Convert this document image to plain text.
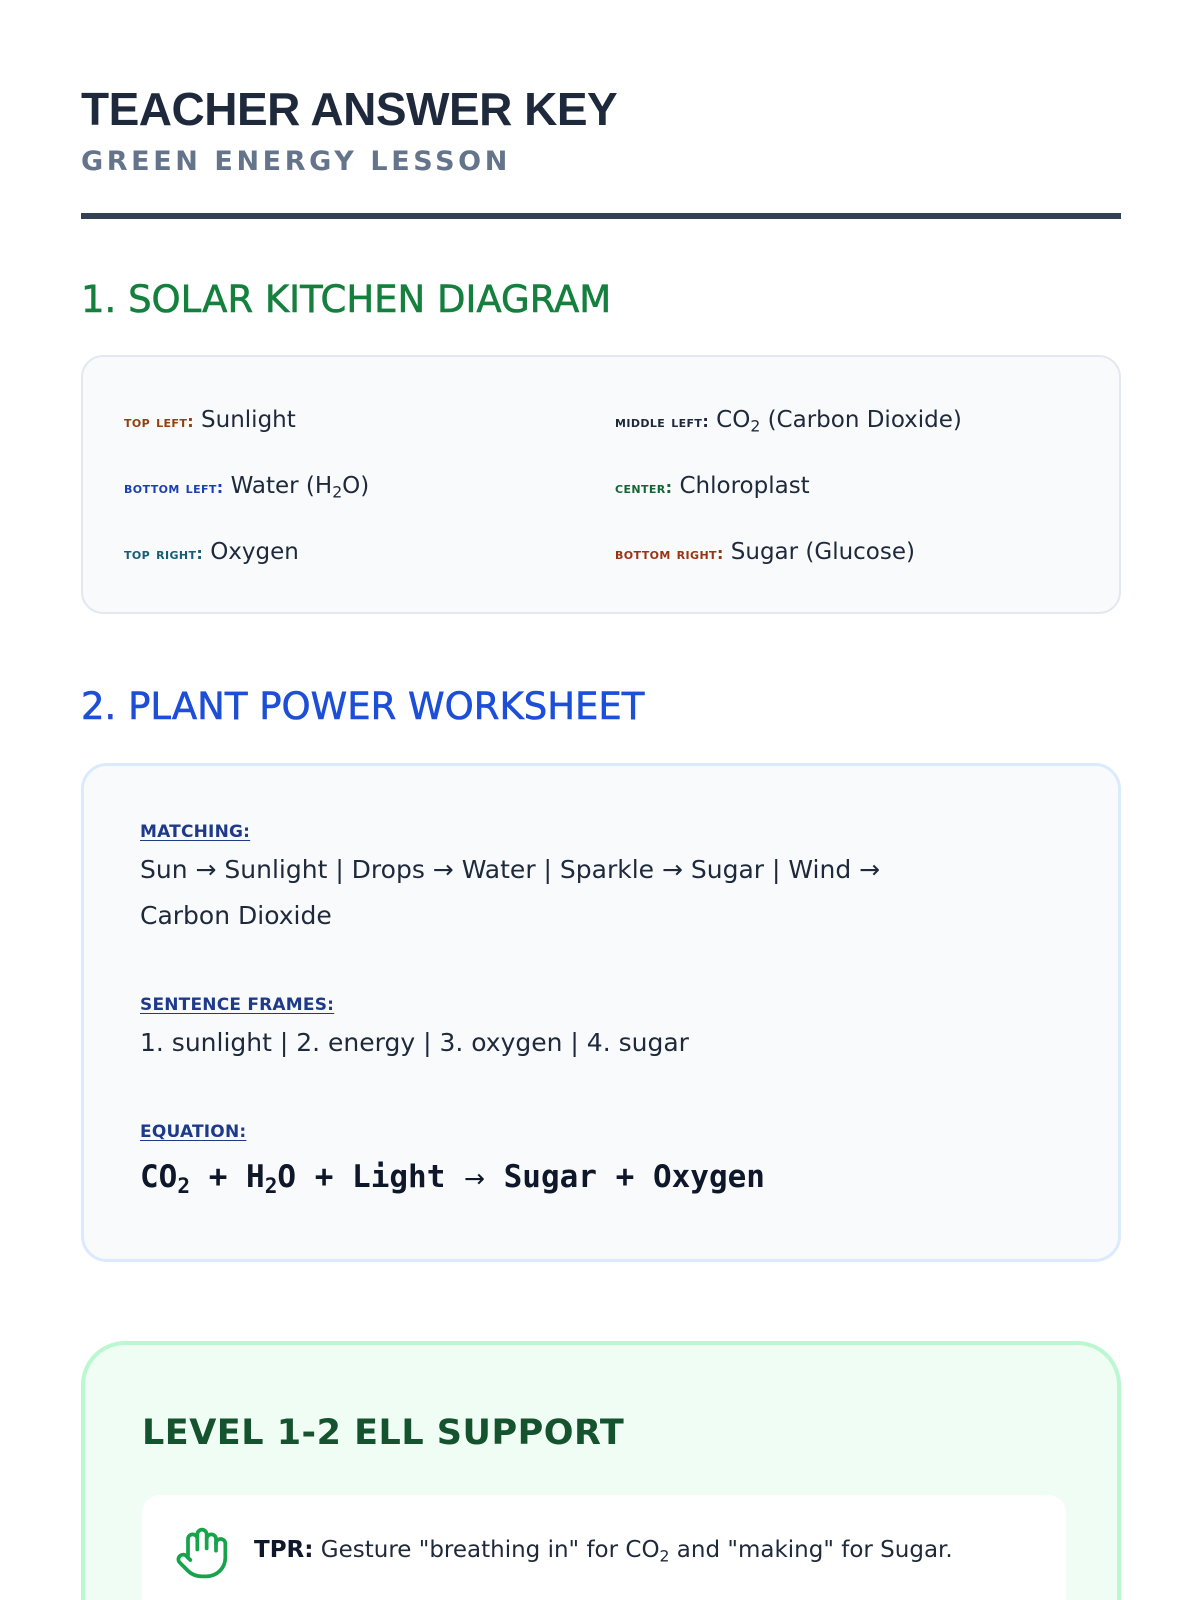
TEACHER ANSWER KEY
GREEN ENERGY LESSON
1. SOLAR KITCHEN DIAGRAM
top left: Sunlight	middle left: $CO_2$ (Carbon Dioxide)
bottom left: Water $(H_2O)$	center: Chloroplast
top right: Oxygen	bottom right: Sugar (Glucose)
2. PLANT POWER WORKSHEET
MATCHING:
Sun → Sunlight | Drops → Water | Sparkle → Sugar | Wind →
Carbon Dioxide
SENTENCE FRAMES:
1. sunlight | 2. energy | 3. oxygen | 4. sugar
EQUATION:
$CO_2 + H_2O$ + Light → Sugar + Oxygen
LEVEL 1-2 ELL SUPPORT
TPR: Gesture "breathing in" for $CO_2$ and "making" for Sugar.
